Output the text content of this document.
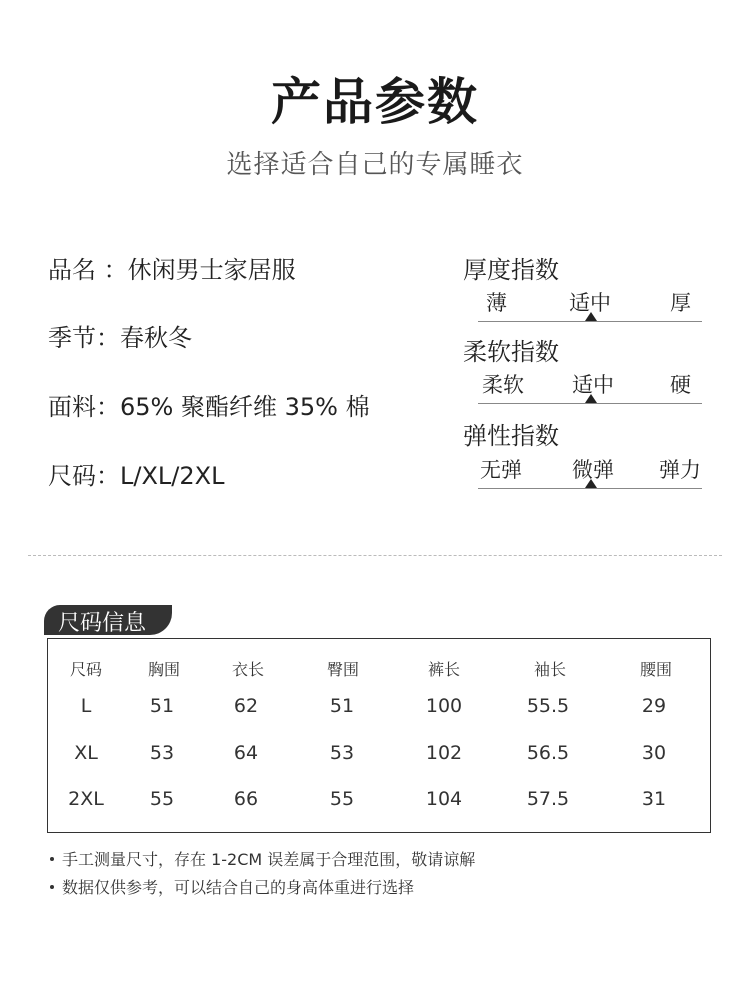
产品参数
选择适合自己的专属睡衣
品名 ：休闲男士家居服
季节：春秋冬
面料：65% 聚酯纤维 35% 棉
尺码：L/XL/2XL
厚度指数
薄	适中	厚
柔软指数
柔软 适中	硬
弹性指数
无弹 微弹 弹力
尺码信息
尺码	胸围	衣长	臀围	裤长	袖长	腰围
L	51	62	51	100	55.5	29
XL	53	64	53	102	56.5	30
2XL 55	66	55	104	57.5	31
手工测量尺寸，存在 1-2CM 误差属于合理范围，敬请谅解
数据仅供参考，可以结合自己的身高体重进行选择
